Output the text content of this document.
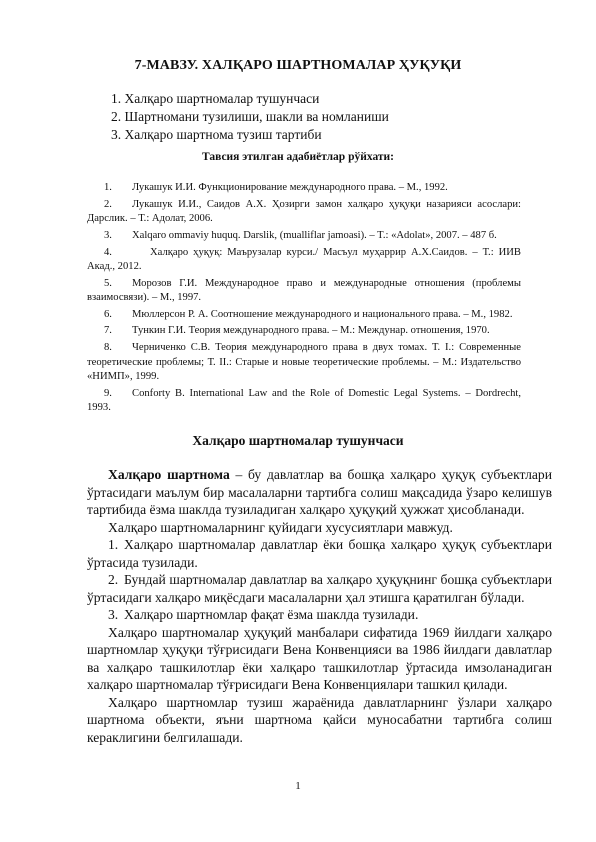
7-МАВЗУ. ХАЛҚАРО ШАРТНОМАЛАР ҲУҚУҚИ
1. Халқаро шартномалар тушунчаси
2. Шартномани тузилиши, шакли ва номланиши
3. Халқаро шартнома тузиш тартиби
Тавсия этилган адабиётлар рўйхати:
1. Лукашук И.И. Функционирование международного права. – М., 1992.
2. Лукашук И.И., Саидов А.Х. Ҳозирги замон халқаро ҳуқуқи назарияси асослари: Дарслик. – Т.: Адолат, 2006.
3. Xalqaro ommaviy huquq. Darslik, (mualliflar jamoasi). – T.: «Adolat», 2007. – 487 б.
4.	Халқаро ҳуқуқ: Маърузалар курси./ Масъул муҳаррир А.Х.Саидов. – Т.: ИИВ Акад., 2012.
5. Морозов Г.И. Международное право и международные отношения (проблемы взаимосвязи). – М., 1997.
6. Мюллерсон Р. А. Соотношение международного и национального права. – М., 1982.
7. Тункин Г.И. Теория международного права. – М.: Междунар. отношения, 1970.
8. Черниченко С.В. Теория международного права в двух томах. Т. I.: Современные теоретические проблемы; Т. II.: Старые и новые теоретические проблемы. – М.: Издательство «НИМП», 1999.
9. Conforty B. International Law and the Role of Domestic Legal Systems. – Dordrecht, 1993.
Халқаро шартномалар тушунчаси

Халқаро шартнома – бу давлатлар ва бошқа халқаро ҳуқуқ субъектлари ўртасидаги маълум бир масалаларни тартибга солиш мақсадида ўзаро келишув тартибида ёзма шаклда тузиладиган халқаро ҳуқуқий ҳужжат ҳисобланади.

Халқаро шартномаларнинг қуйидаги хусусиятлари мавжуд.

1. Халқаро шартномалар давлатлар ёки бошқа халқаро ҳуқуқ субъектлари ўртасида тузилади.

2. Бундай шартномалар давлатлар ва халқаро ҳуқуқнинг бошқа субъектлари ўртасидаги халқаро миқёсдаги масалаларни ҳал этишга қаратилган бўлади.

3. Халқаро шартномлар фақат ёзма шаклда тузилади.

Халқаро шартномалар ҳуқуқий манбалари сифатида 1969 йилдаги халқаро шартномлар ҳуқуқи тўғрисидаги Вена Конвенцияси ва 1986 йилдаги давлатлар ва халқаро ташкилотлар ёки халқаро ташкилотлар ўртасида имзоланадиган халқаро шартномалар тўғрисидаги Вена Конвенциялари ташкил қилади.

Халқаро шартномлар тузиш жараёнида давлатларнинг ўзлари халқаро шартнома объекти, яъни шартнома қайси муносабатни тартибга солиш кераклигини белгилашади.

1
